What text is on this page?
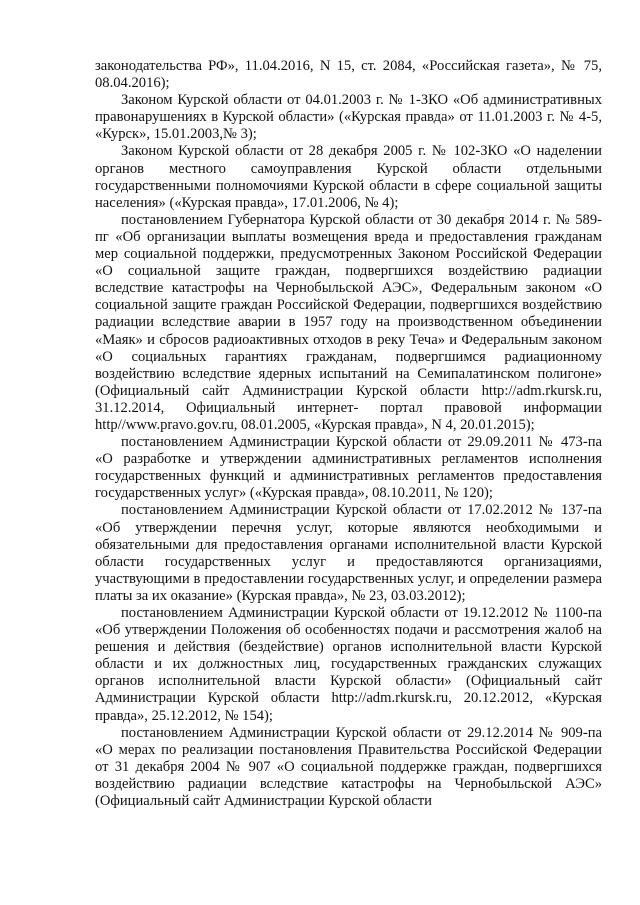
законодательства РФ», 11.04.2016, N 15, ст. 2084, «Российская газета», № 75, 08.04.2016);

Законом Курской области от 04.01.2003 г. № 1-ЗКО «Об административных правонарушениях в Курской области» («Курская правда» от 11.01.2003 г. № 4-5, «Курск», 15.01.2003,№ 3);

Законом Курской области от 28 декабря 2005 г. № 102-ЗКО «О наделении органов местного самоуправления Курской области отдельными государственными полномочиями Курской области в сфере социальной защиты населения» («Курская правда», 17.01.2006, № 4);

постановлением Губернатора Курской области от 30 декабря 2014 г. № 589-пг «Об организации выплаты возмещения вреда и предоставления гражданам мер социальной поддержки, предусмотренных Законом Российской Федерации «О социальной защите граждан, подвергшихся воздействию радиации вследствие катастрофы на Чернобыльской АЭС», Федеральным законом «О социальной защите граждан Российской Федерации, подвергшихся воздействию радиации вследствие аварии в 1957 году на производственном объединении «Маяк» и сбросов радиоактивных отходов в реку Теча» и Федеральным законом «О социальных гарантиях гражданам, подвергшимся радиационному воздействию вследствие ядерных испытаний на Семипалатинском полигоне» (Официальный сайт Администрации Курской области http://adm.rkursk.ru, 31.12.2014, Официальный интернет- портал правовой информации http//www.pravo.gov.ru, 08.01.2005, «Курская правда», N 4, 20.01.2015);

постановлением Администрации Курской области от 29.09.2011 № 473-па «О разработке и утверждении административных регламентов исполнения государственных функций и административных регламентов предоставления государственных услуг» («Курская правда», 08.10.2011, № 120);

постановлением Администрации Курской области от 17.02.2012 № 137-па «Об утверждении перечня услуг, которые являются необходимыми и обязательными для предоставления органами исполнительной власти Курской области государственных услуг и предоставляются организациями, участвующими в предоставлении государственных услуг, и определении размера платы за их оказание» (Курская правда», № 23, 03.03.2012);

постановлением Администрации Курской области от 19.12.2012 № 1100-па «Об утверждении Положения об особенностях подачи и рассмотрения жалоб на решения и действия (бездействие) органов исполнительной власти Курской области и их должностных лиц, государственных гражданских служащих органов исполнительной власти Курской области» (Официальный сайт Администрации Курской области http://adm.rkursk.ru, 20.12.2012, «Курская правда», 25.12.2012, № 154);

постановлением Администрации Курской области от 29.12.2014 № 909-па «О мерах по реализации постановления Правительства Российской Федерации от 31 декабря 2004 № 907 «О социальной поддержке граждан, подвергшихся воздействию радиации вследствие катастрофы на Чернобыльской АЭС» (Официальный сайт Администрации Курской области
